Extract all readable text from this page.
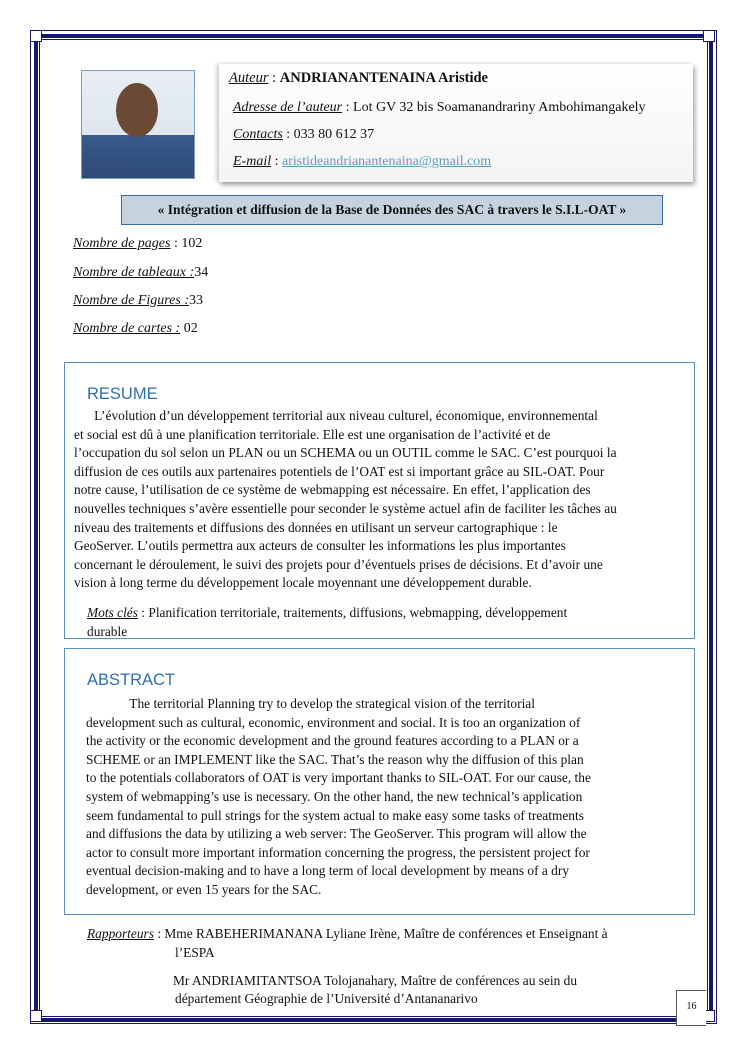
Auteur : ANDRIANANTENAINA Aristide
Adresse de l’auteur : Lot GV 32 bis Soamanandrariny Ambohimangakely
Contacts : 033 80 612 37
E-mail : aristideandrianantenaina@gmail.com
« Intégration et diffusion de la Base de Données des SAC à travers le S.I.L-OAT »
Nombre de pages : 102
Nombre de tableaux :34
Nombre de Figures :33
Nombre de cartes : 02
RESUME
L’évolution d’un développement territorial aux niveau culturel, économique, environnemental
et social est dû à une planification territoriale. Elle est une organisation de l’activité et de
l’occupation du sol selon un PLAN ou un SCHEMA ou un OUTIL comme le SAC. C’est pourquoi la
diffusion de ces outils aux partenaires potentiels de l’OAT est si important grâce au SIL-OAT. Pour
notre cause, l’utilisation de ce système de webmapping est nécessaire. En effet, l’application des
nouvelles techniques s’avère essentielle pour seconder le système actuel afin de faciliter les tâches au
niveau des traitements et diffusions des données en utilisant un serveur cartographique : le
GeoServer. L’outils permettra aux acteurs de consulter les informations les plus importantes
concernant le déroulement, le suivi des projets pour d’éventuels prises de décisions. Et d’avoir une
vision à long terme du développement locale moyennant une développement durable.
Mots clés : Planification territoriale, traitements, diffusions, webmapping, développement
durable
ABSTRACT
The territorial Planning try to develop the strategical vision of the territorial
development such as cultural, economic, environment and social. It is too an organization of
the activity or the economic development and the ground features according to a PLAN or a
SCHEME or an IMPLEMENT like the SAC. That’s the reason why the diffusion of this plan
to the potentials collaborators of OAT is very important thanks to SIL-OAT. For our cause, the
system of webmapping’s use is necessary. On the other hand, the new technical’s application
seem fundamental to pull strings for the system actual to make easy some tasks of treatments
and diffusions the data by utilizing a web server: The GeoServer. This program will allow the
actor to consult more important information concerning the progress, the persistent project for
eventual decision-making and to have a long term of local development by means of a dry
development, or even 15 years for the SAC.
Rapporteurs : Mme RABEHERIMANANA Lyliane Irène, Maître de conférences et Enseignant à
l’ESPA
Mr ANDRIAMITANTSOA Tolojanahary, Maître de conférences au sein du
département Géographie de l’Université d’Antananarivo
16
